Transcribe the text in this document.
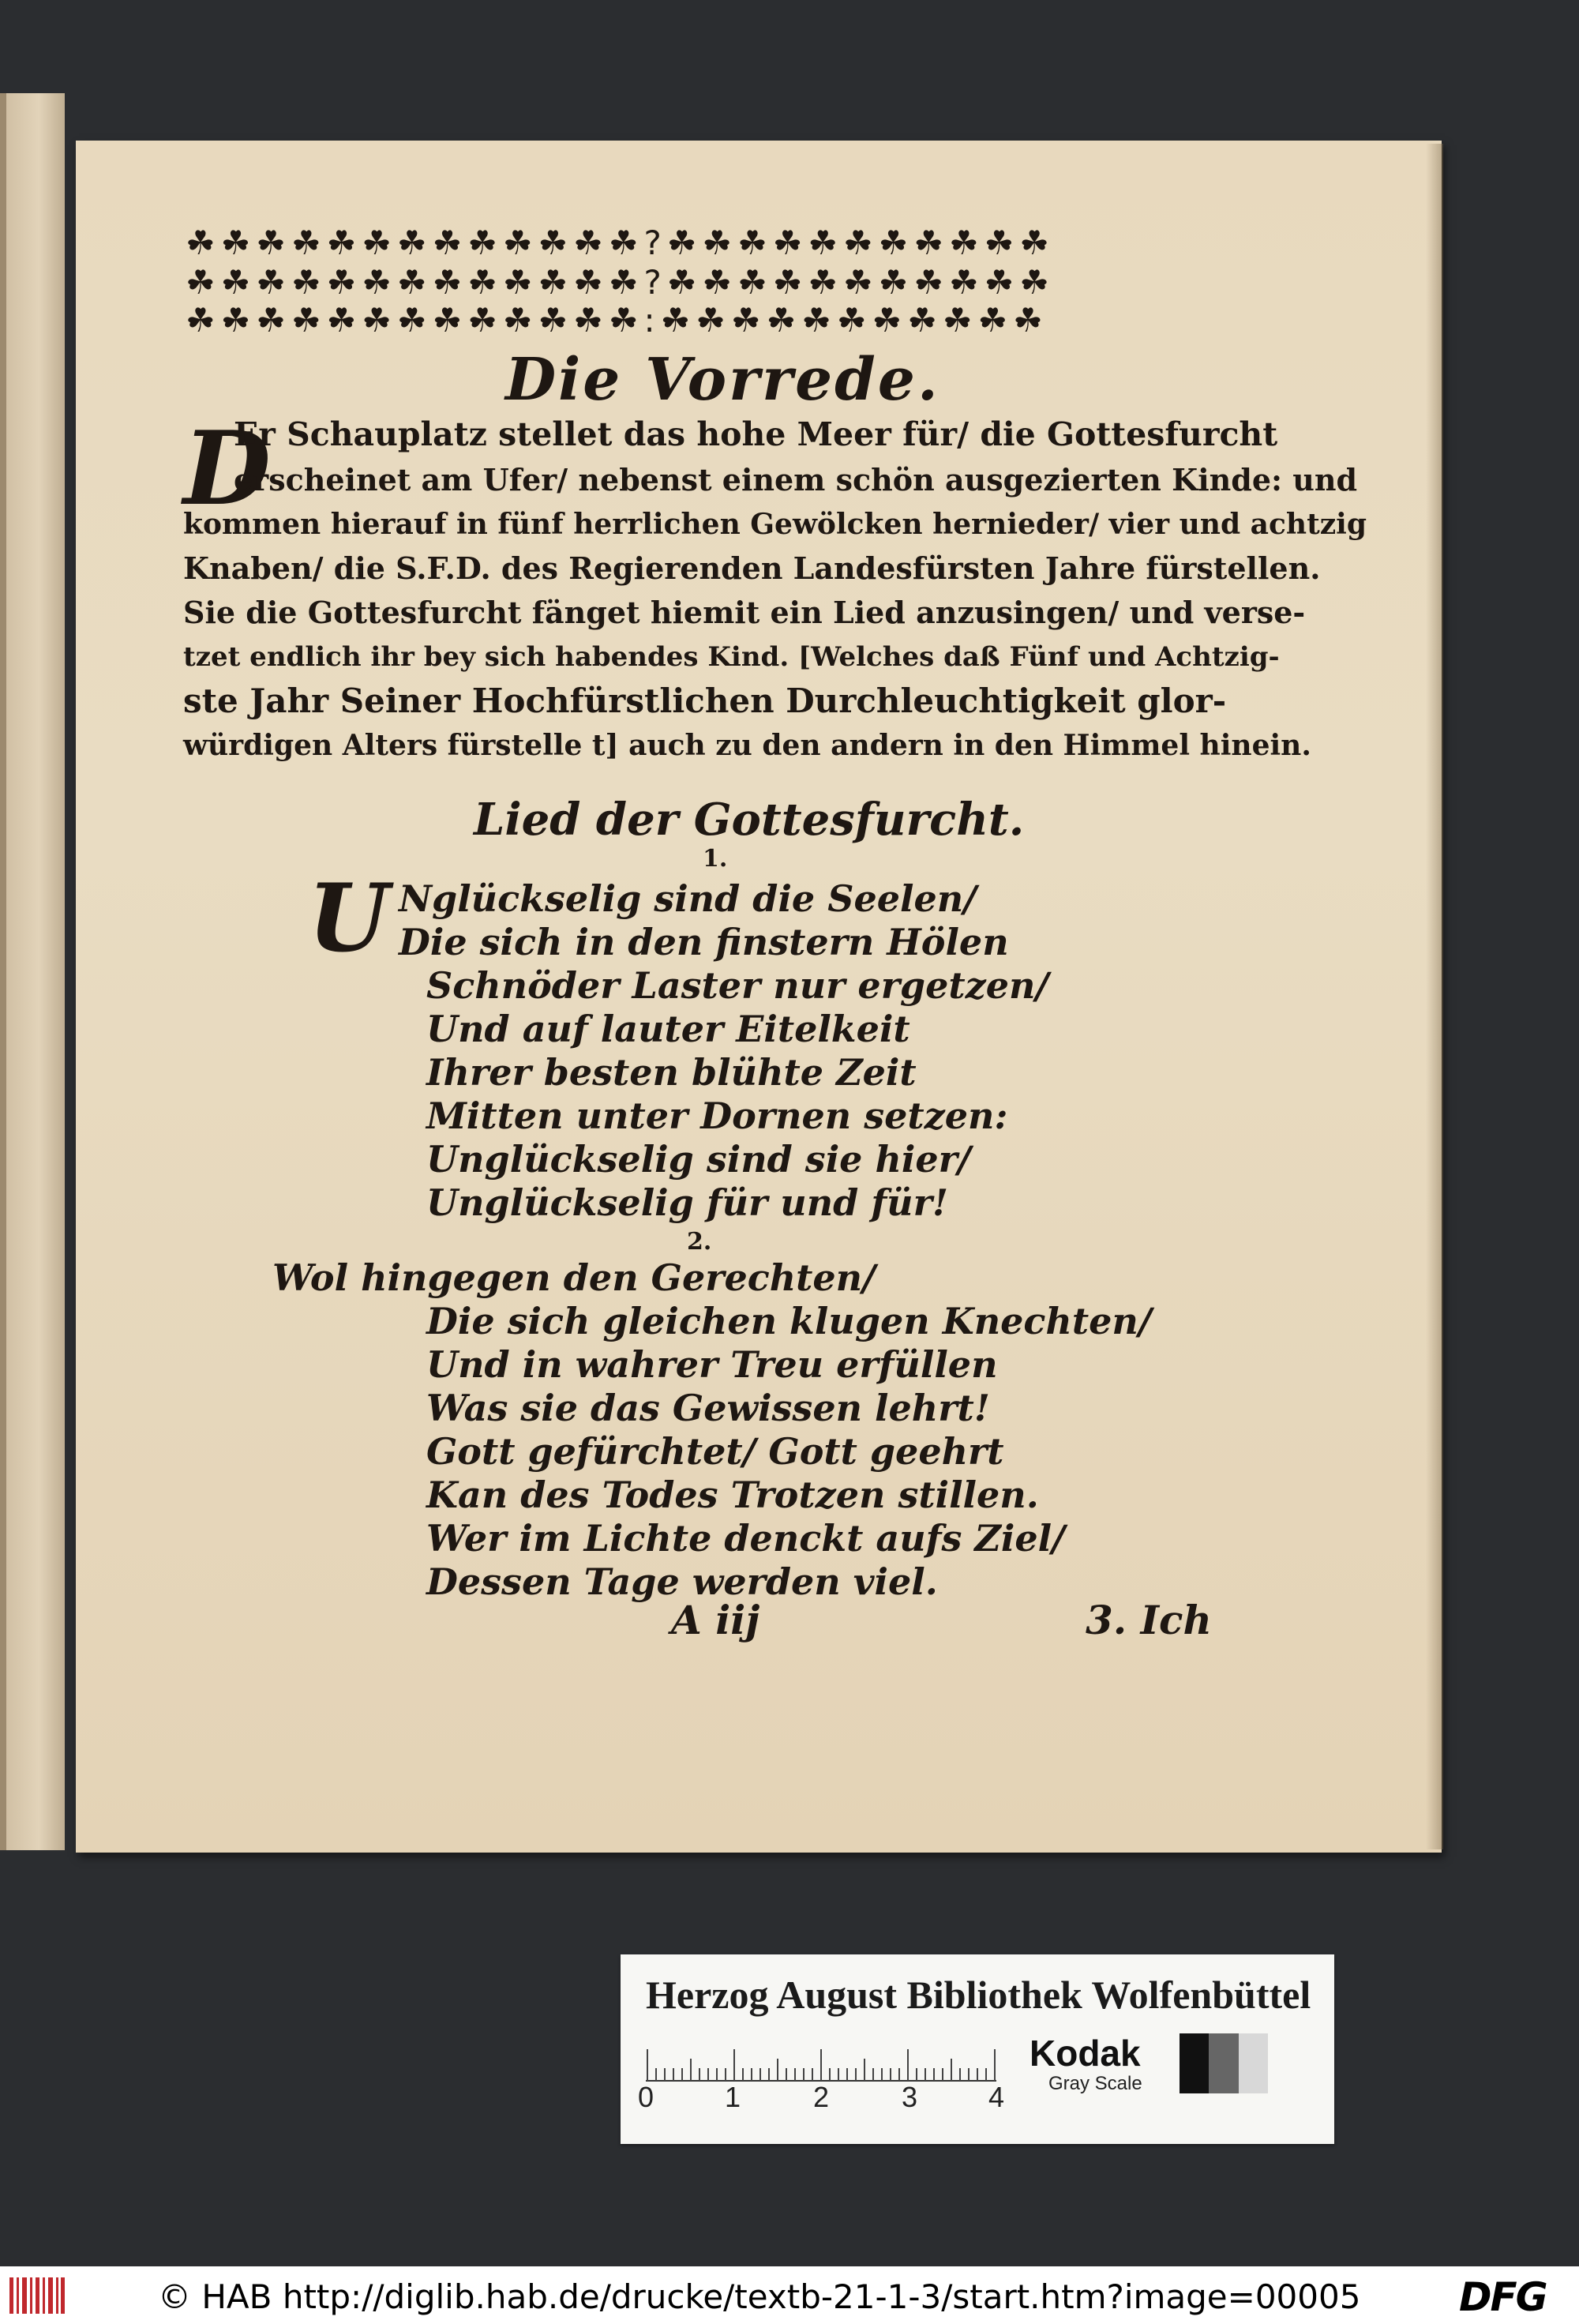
☘☘☘☘☘☘☘☘☘☘☘☘☘?☘☘☘☘☘☘☘☘☘☘☘
☘☘☘☘☘☘☘☘☘☘☘☘☘?☘☘☘☘☘☘☘☘☘☘☘
☘☘☘☘☘☘☘☘☘☘☘☘☘:☘☘☘☘☘☘☘☘☘☘☘
Die Vorrede.
D
Er Schauplatz stellet das hohe Meer für/ die Gottesfurcht
erscheinet am Ufer/ nebenst einem schön ausgezierten Kinde: und
kommen hierauf in fünf herrlichen Gewölcken hernieder/ vier und achtzig
Knaben/ die S.F.D. des Regierenden Landesfürsten Jahre fürstellen.
Sie die Gottesfurcht fänget hiemit ein Lied anzusingen/ und verse-
tzet endlich ihr bey sich habendes Kind. [Welches daß Fünf und Achtzig-
ste Jahr Seiner Hochfürstlichen Durchleuchtigkeit glor-
würdigen Alters fürstelle t] auch zu den andern in den Himmel hinein.
Lied der Gottesfurcht.
1.
U Nglückselig sind die Seelen/
Die sich in den finstern Hölen
Schnöder Laster nur ergetzen/
Und auf lauter Eitelkeit
Ihrer besten blühte Zeit
Mitten unter Dornen setzen:
Unglückselig sind sie hier/
Unglückselig für und für!
2.
Wol hingegen den Gerechten/
Die sich gleichen klugen Knechten/
Und in wahrer Treu erfüllen
Was sie das Gewissen lehrt!
Gott gefürchtet/ Gott geehrt
Kan des Todes Trotzen stillen.
Wer im Lichte denckt aufs Ziel/
Dessen Tage werden viel.
A iij	3. Ich
Herzog August Bibliothek Wolfenbüttel
0 1	2	3 4
Kodak
Gray Scale
© HAB http://diglib.hab.de/drucke/textb-21-1-3/start.htm?image=00005 DFG
